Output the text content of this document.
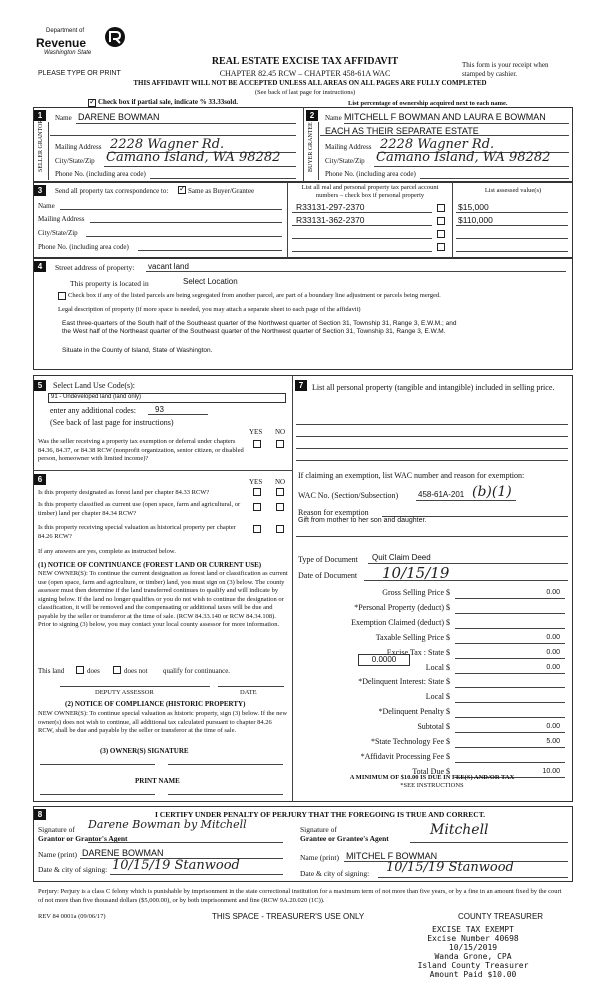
Department of
Revenue
Washington State
PLEASE TYPE OR PRINT
REAL ESTATE EXCISE TAX AFFIDAVIT
CHAPTER 82.45 RCW – CHAPTER 458-61A WAC
THIS AFFIDAVIT WILL NOT BE ACCEPTED UNLESS ALL AREAS ON ALL PAGES ARE FULLY COMPLETED
(See back of last page for instructions)
This form is your receipt when stamped by cashier.
✓ Check box if partial sale, indicate % 33.33sold.	List percentage of ownership acquired next to each name.
1	2
SELLER GRANTOR	BUYER GRANTEE
Name DARENE BOWMAN
Mailing Address 2228 Wagner Rd.
City/State/Zip Camano Island, WA 98282
Phone No. (including area code)
Name MITCHELL F BOWMAN AND LAURA E BOWMAN
EACH AS THEIR SEPARATE ESTATE
Mailing Address 2228 Wagner Rd.
City/State/Zip Camano Island, WA 98282
Phone No. (including area code)
3	Send all property tax correspondence to: ✓ Same as Buyer/Grantee
Name
Mailing Address
City/State/Zip
Phone No. (including area code)
List all real and personal property tax parcel account numbers – check box if personal property
List assessed value(s)
R33131-297-2370	$15,000
R33131-362-2370	$110,000
4	Street address of property: vacant land
This property is located in	Select Location
Check box if any of the listed parcels are being segregated from another parcel, are part of a boundary line adjustment or parcels being merged.
Legal description of property (if more space is needed, you may attach a separate sheet to each page of the affidavit)
East three-quarters of the South half of the Southeast quarter of the Northwest quarter of Section 31, Township 31, Range 3, E.W.M.; and
the West half of the Northeast quarter of the Southeast quarter of the Northwest quarter of Section 31, Township 31, Range 3, E.W.M.
Situate in the County of Island, State of Washington.
5	Select Land Use Code(s):
91 - Undeveloped land (land only)
enter any additional codes: 93
(See back of last page for instructions)
YES NO
Was the seller receiving a property tax exemption or deferral under chapters 84.36, 84.37, or 84.38 RCW (nonprofit organization, senior citizen, or disabled person, homeowner with limited income)?
6	YES NO
Is this property designated as forest land per chapter 84.33 RCW?
Is this property classified as current use (open space, farm and agricultural, or timber) land per chapter 84.34 RCW?
Is this property receiving special valuation as historical property per chapter 84.26 RCW?
If any answers are yes, complete as instructed below.
(1) NOTICE OF CONTINUANCE (FOREST LAND OR CURRENT USE)
NEW OWNER(S): To continue the current designation as forest land or classification as current use (open space, farm and agriculture, or timber) land, you must sign on (3) below. The county assessor must then determine if the land transferred continues to qualify and will indicate by signing below. If the land no longer qualifies or you do not wish to continue the designation or classification, it will be removed and the compensating or additional taxes will be due and payable by the seller or transferor at the time of sale. (RCW 84.33.140 or RCW 84.34.108). Prior to signing (3) below, you may contact your local county assessor for more information.
This land	does	does not qualify for continuance.
DEPUTY ASSESSOR	DATE
(2) NOTICE OF COMPLIANCE (HISTORIC PROPERTY)
NEW OWNER(S): To continue special valuation as historic property, sign (3) below. If the new owner(s) does not wish to continue, all additional tax calculated pursuant to chapter 84.26 RCW, shall be due and payable by the seller or transferor at the time of sale.
(3) OWNER(S) SIGNATURE
PRINT NAME
7	List all personal property (tangible and intangible) included in selling price.
If claiming an exemption, list WAC number and reason for exemption:
WAC No. (Section/Subsection) 458-61A-201 (b)(1)
Reason for exemption
Gift from mother to her son and daughter.
Type of Document Quit Claim Deed
Date of Document 10/15/19
Gross Selling Price $	0.00
*Personal Property (deduct) $
Exemption Claimed (deduct) $
Taxable Selling Price $	0.00
Excise Tax : State $	0.00
Local $	0.00
*Delinquent Interest: State $
Local $
*Delinquent Penalty $
Subtotal $	0.00
*State Technology Fee $	5.00
*Affidavit Processing Fee $
Total Due $	10.00
0.0000
A MINIMUM OF $10.00 IS DUE IN FEE(S) AND/OR TAX
*SEE INSTRUCTIONS
8	I CERTIFY UNDER PENALTY OF PERJURY THAT THE FOREGOING IS TRUE AND CORRECT.
Signature of
Grantor or Grantor's Agent
Darene Bowman by Mitchell
Name (print) DARENE BOWMAN
Date & city of signing: 10/15/19 Stanwood
Signature of
Grantee or Grantee's Agent
Mitchell
Name (print) MITCHEL F BOWMAN
Date & city of signing: 10/15/19 Stanwood
Perjury: Perjury is a class C felony which is punishable by imprisonment in the state correctional institution for a maximum term of not more than five years, or by a fine in an amount fixed by the court of not more than five thousand dollars ($5,000.00), or by both imprisonment and fine (RCW 9A.20.020 (1C)).
REV 84 0001a (09/06/17)	THIS SPACE - TREASURER'S USE ONLY	COUNTY TREASURER
EXCISE TAX EXEMPT
Excise Number 40698
10/15/2019
Wanda Grone, CPA
Island County Treasurer
Amount Paid $10.00
